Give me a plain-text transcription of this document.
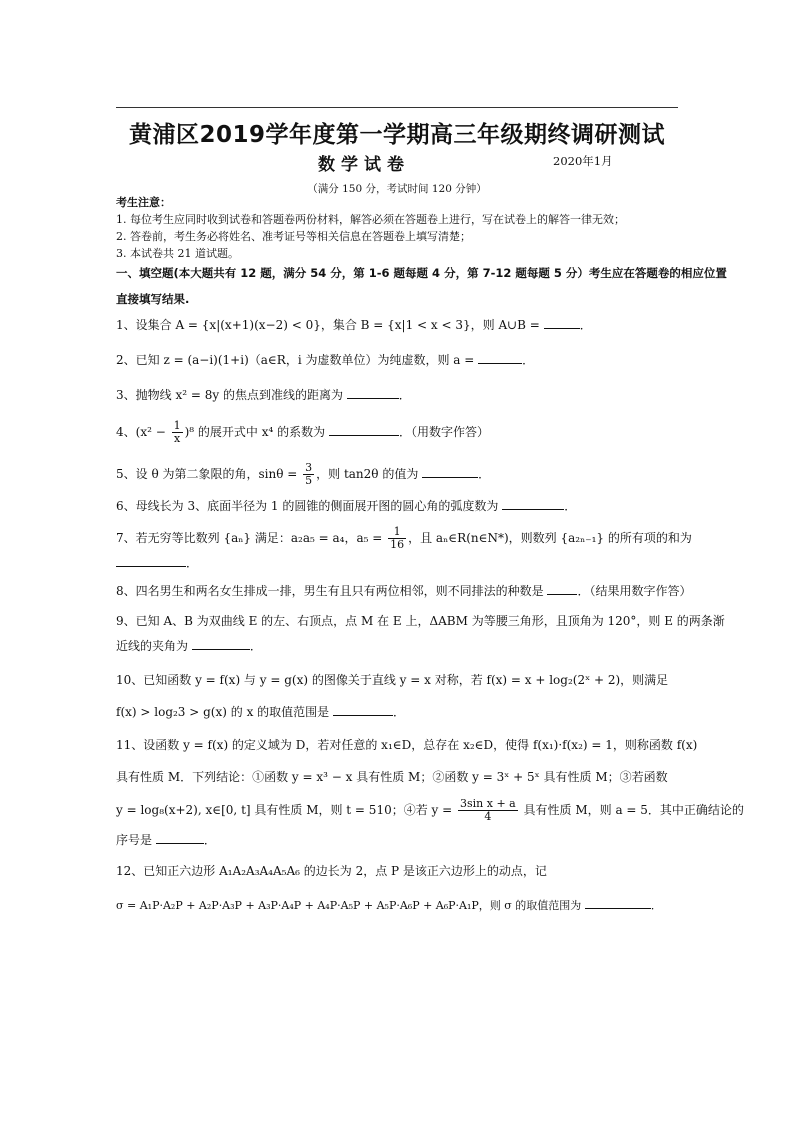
黄浦区2019学年度第一学期高三年级期终调研测试
数学试卷	2020年1月
（满分 150 分，考试时间 120 分钟）
考生注意：
1. 每位考生应同时收到试卷和答题卷两份材料，解答必须在答题卷上进行，写在试卷上的解答一律无效；
2. 答卷前，考生务必将姓名、准考证号等相关信息在答题卷上填写清楚；
3. 本试卷共 21 道试题。
一、填空题(本大题共有 12 题，满分 54 分，第 1-6 题每题 4 分，第 7-12 题每题 5 分）考生应在答题卷的相应位置
直接填写结果.
1、设集合 A = {x|(x+1)(x−2) < 0}，集合 B = {x|1 < x < 3}，则 A∪B =	．
2、已知 z = (a−i)(1+i)（a∈R，i 为虚数单位）为纯虚数，则 a =	．
3、抛物线 x² = 8y 的焦点到准线的距离为	．
4、$(x^2 - \frac{1}{x} )^8$ 的展开式中 x⁴ 的系数为	．（用数字作答）
5、设 θ 为第二象限的角，$\sin\theta = \frac{3}{5}$ ，则 tan2θ 的值为	．
6、母线长为 3、底面半径为 1 的圆锥的侧面展开图的圆心角的弧度数为	．
7、若无穷等比数列 {aₙ} 满足：a₂a₅ = a₄，$a_5 = \frac{1}{16}$ ，且 aₙ∈R(n∈N*)，则数列 {a₂ₙ₋₁} 的所有项的和为
．
8、四名男生和两名女生排成一排，男生有且只有两位相邻，则不同排法的种数是	．（结果用数字作答）
9、已知 A、B 为双曲线 E 的左、右顶点，点 M 在 E 上，ΔABM 为等腰三角形，且顶角为 120°，则 E 的两条渐
近线的夹角为	．
10、已知函数 y = f(x) 与 y = g(x) 的图像关于直线 y = x 对称，若 f(x) = x + log₂(2ˣ + 2)，则满足
f(x) > log₂3 > g(x) 的 x 的取值范围是	．
11、设函数 y = f(x) 的定义域为 D，若对任意的 x₁∈D，总存在 x₂∈D，使得 f(x₁)·f(x₂) = 1，则称函数 f(x)
具有性质 M．下列结论：①函数 y = x³ − x 具有性质 M；②函数 y = 3ˣ + 5ˣ 具有性质 M；③若函数
y = log₈(x+2), x∈[0, t] 具有性质 M，则 t = 510；④若 $y = \frac{\text{3sin x + a}}{4}$ 具有性质 M，则 a = 5．其中正确结论的
序号是	．
12、已知正六边形 A₁A₂A₃A₄A₅A₆ 的边长为 2，点 P 是该正六边形上的动点，记
σ = A₁P·A₂P + A₂P·A₃P + A₃P·A₄P + A₄P·A₅P + A₅P·A₆P + A₆P·A₁P，则 σ 的取值范围为	．
